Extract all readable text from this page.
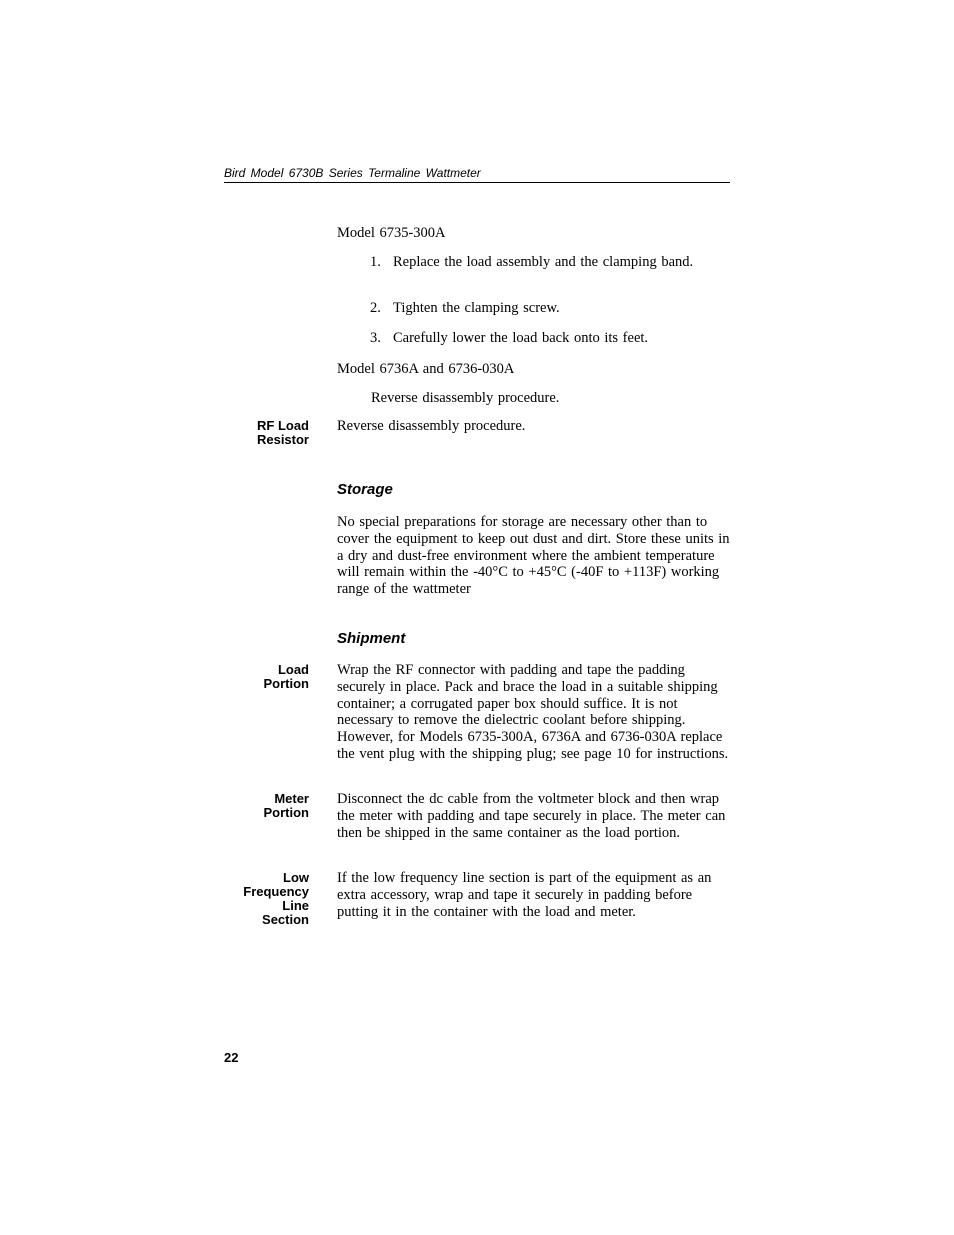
Bird Model 6730B Series Termaline Wattmeter
Model 6735-300A
1. Replace the load assembly and the clamping band.
2. Tighten the clamping screw.
3. Carefully lower the load back onto its feet.
Model 6736A and 6736-030A
Reverse disassembly procedure.
RF Load
Resistor
Reverse disassembly procedure.
Storage
No special preparations for storage are necessary other than to cover the equipment to keep out dust and dirt. Store these units in a dry and dust-free environment where the ambient temperature will remain within the -40°C to +45°C (-40F to +113F) working range of the wattmeter
Shipment
Load
Portion
Wrap the RF connector with padding and tape the padding securely in place. Pack and brace the load in a suitable shipping container; a corrugated paper box should suffice. It is not necessary to remove the dielectric coolant before shipping. However, for Models 6735-300A, 6736A and 6736-030A replace the vent plug with the shipping plug; see page 10 for instructions.
Meter
Portion
Disconnect the dc cable from the voltmeter block and then wrap the meter with padding and tape securely in place. The meter can then be shipped in the same container as the load portion.
Low
Frequency
Line
Section
If the low frequency line section is part of the equipment as an extra accessory, wrap and tape it securely in padding before putting it in the container with the load and meter.
22
